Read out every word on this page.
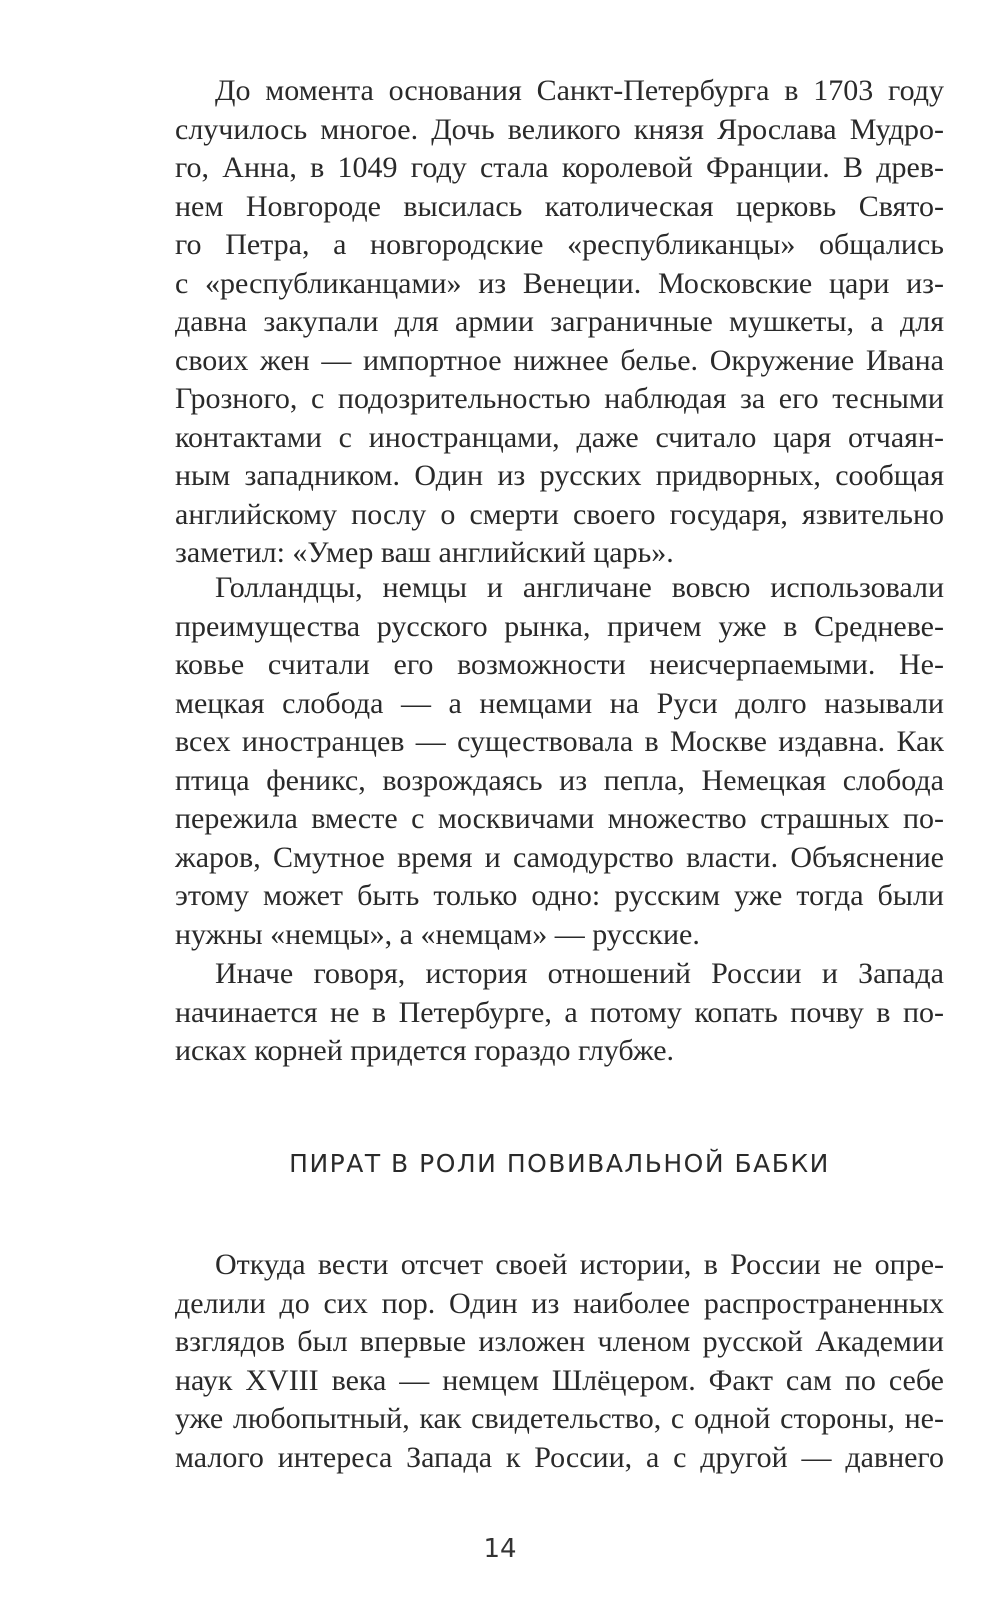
До момента основания Санкт-Петербурга в 1703 году
случилось многое. Дочь великого князя Ярослава Мудро-
го, Анна, в 1049 году стала королевой Франции. В древ-
нем Новгороде высилась католическая церковь Свято-
го Петра, а новгородские «республиканцы» общались
с «республиканцами» из Венеции. Московские цари из-
давна закупали для армии заграничные мушкеты, а для
своих жен — импортное нижнее белье. Окружение Ивана
Грозного, с подозрительностью наблюдая за его тесными
контактами с иностранцами, даже считало царя отчаян-
ным западником. Один из русских придворных, сообщая
английскому послу о смерти своего государя, язвительно
заметил: «Умер ваш английский царь».
Голландцы, немцы и англичане вовсю использовали
преимущества русского рынка, причем уже в Средневе-
ковье считали его возможности неисчерпаемыми. Не-
мецкая слобода — а немцами на Руси долго называли
всех иностранцев — существовала в Москве издавна. Как
птица феникс, возрождаясь из пепла, Немецкая слобода
пережила вместе с москвичами множество страшных по-
жаров, Смутное время и самодурство власти. Объяснение
этому может быть только одно: русским уже тогда были
нужны «немцы», а «немцам» — русские.
Иначе говоря, история отношений России и Запада
начинается не в Петербурге, а потому копать почву в по-
исках корней придется гораздо глубже.
ПИРАТ В РОЛИ ПОВИВАЛЬНОЙ БАБКИ
Откуда вести отсчет своей истории, в России не опре-
делили до сих пор. Один из наиболее распространенных
взглядов был впервые изложен членом русской Академии
наук XVIII века — немцем Шлёцером. Факт сам по себе
уже любопытный, как свидетельство, с одной стороны, не-
малого интереса Запада к России, а с другой — давнего
14
